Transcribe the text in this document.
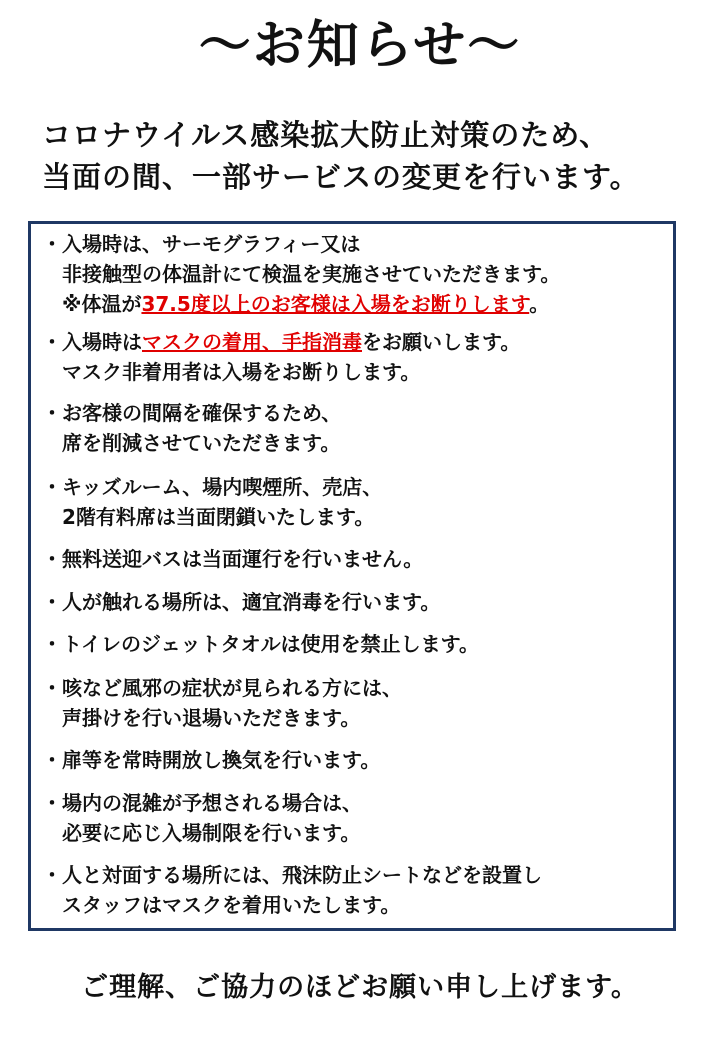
〜お知らせ〜
コロナウイルス感染拡大防止対策のため、
当面の間、一部サービスの変更を行います。
・入場時は、サーモグラフィー又は
非接触型の体温計にて検温を実施させていただきます。
※体温が37.5度以上のお客様は入場をお断りします。
・入場時はマスクの着用、手指消毒をお願いします。
マスク非着用者は入場をお断りします。
・お客様の間隔を確保するため、
席を削減させていただきます。
・キッズルーム、場内喫煙所、売店、
2階有料席は当面閉鎖いたします。
・無料送迎バスは当面運行を行いません。
・人が触れる場所は、適宜消毒を行います。
・トイレのジェットタオルは使用を禁止します。
・咳など風邪の症状が見られる方には、
声掛けを行い退場いただきます。
・扉等を常時開放し換気を行います。
・場内の混雑が予想される場合は、
必要に応じ入場制限を行います。
・人と対面する場所には、飛沫防止シートなどを設置し
スタッフはマスクを着用いたします。
ご理解、ご協力のほどお願い申し上げます。
